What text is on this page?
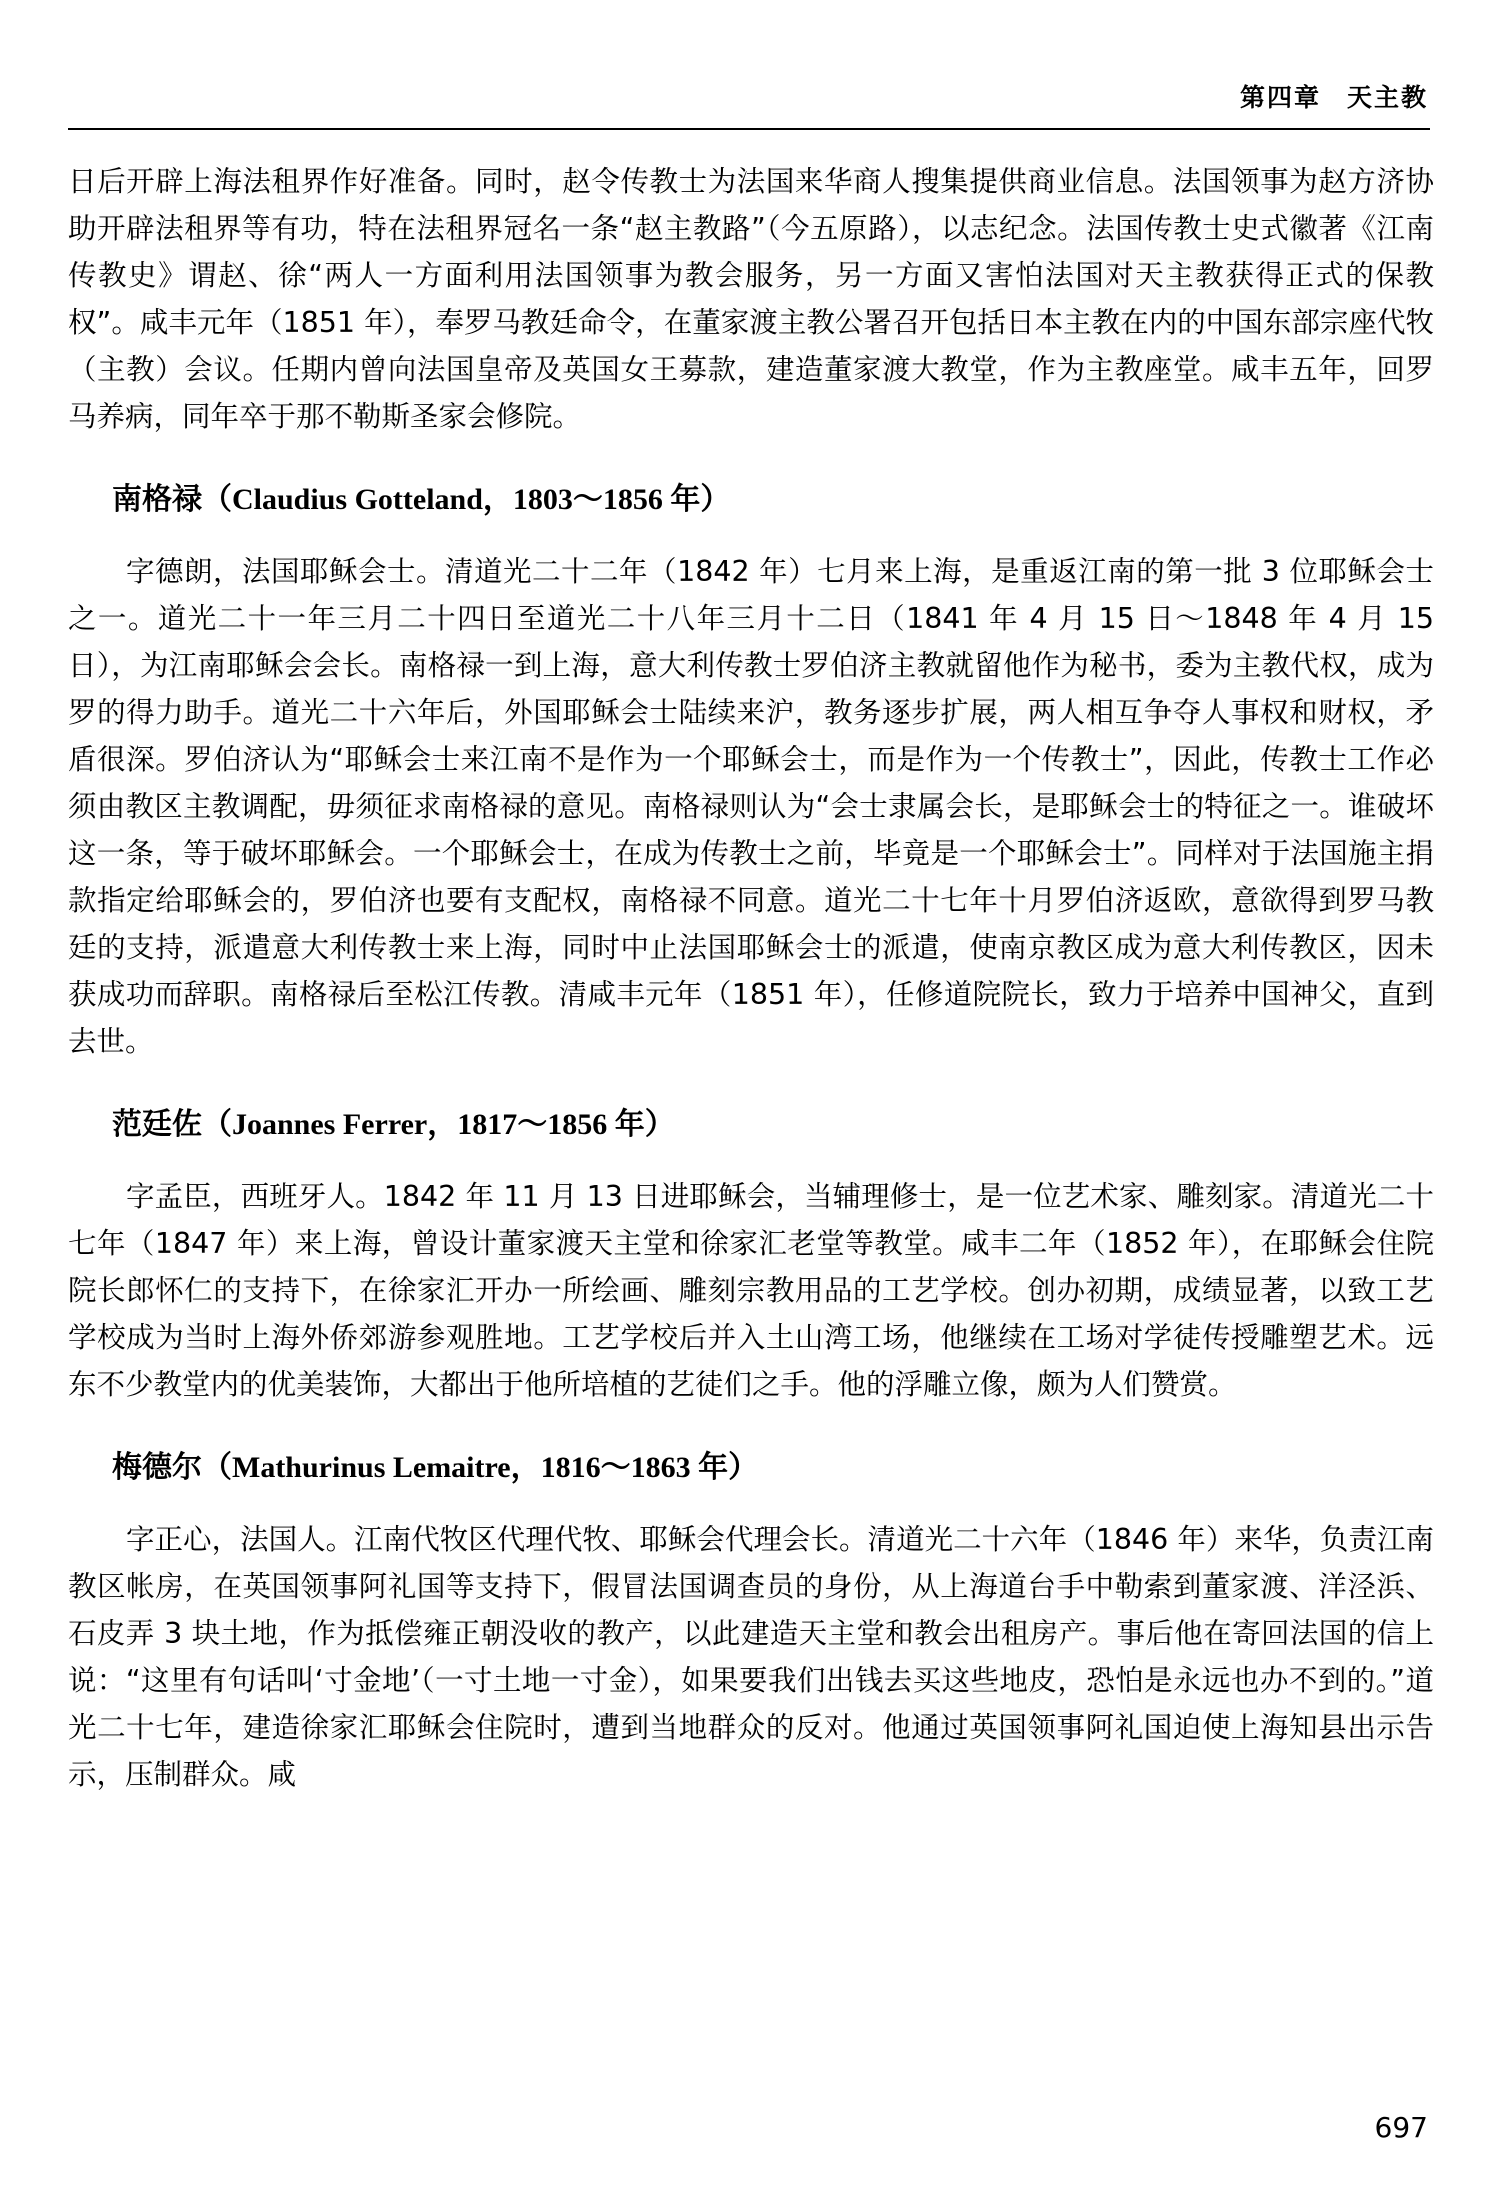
第四章 天主教

日后开辟上海法租界作好准备。同时，赵令传教士为法国来华商人搜集提供商业信息。法国领事为赵方济协助开辟法租界等有功，特在法租界冠名一条“赵主教路”（今五原路），以志纪念。法国传教士史式徽著《江南传教史》谓赵、徐“两人一方面利用法国领事为教会服务，另一方面又害怕法国对天主教获得正式的保教权”。咸丰元年（1851 年），奉罗马教廷命令，在董家渡主教公署召开包括日本主教在内的中国东部宗座代牧（主教）会议。任期内曾向法国皇帝及英国女王募款，建造董家渡大教堂，作为主教座堂。咸丰五年，回罗马养病，同年卒于那不勒斯圣家会修院。

南格禄（Claudius Gotteland，1803～1856 年）

字德朗，法国耶稣会士。清道光二十二年（1842 年）七月来上海，是重返江南的第一批 3 位耶稣会士之一。道光二十一年三月二十四日至道光二十八年三月十二日（1841 年 4 月 15 日～1848 年 4 月 15 日），为江南耶稣会会长。南格禄一到上海，意大利传教士罗伯济主教就留他作为秘书，委为主教代权，成为罗的得力助手。道光二十六年后，外国耶稣会士陆续来沪，教务逐步扩展，两人相互争夺人事权和财权，矛盾很深。罗伯济认为“耶稣会士来江南不是作为一个耶稣会士，而是作为一个传教士”，因此，传教士工作必须由教区主教调配，毋须征求南格禄的意见。南格禄则认为“会士隶属会长，是耶稣会士的特征之一。谁破坏这一条，等于破坏耶稣会。一个耶稣会士，在成为传教士之前，毕竟是一个耶稣会士”。同样对于法国施主捐款指定给耶稣会的，罗伯济也要有支配权，南格禄不同意。道光二十七年十月罗伯济返欧，意欲得到罗马教廷的支持，派遣意大利传教士来上海，同时中止法国耶稣会士的派遣，使南京教区成为意大利传教区，因未获成功而辞职。南格禄后至松江传教。清咸丰元年（1851 年），任修道院院长，致力于培养中国神父，直到去世。

范廷佐（Joannes Ferrer，1817～1856 年）

字孟臣，西班牙人。1842 年 11 月 13 日进耶稣会，当辅理修士，是一位艺术家、雕刻家。清道光二十七年（1847 年）来上海，曾设计董家渡天主堂和徐家汇老堂等教堂。咸丰二年（1852 年），在耶稣会住院院长郎怀仁的支持下，在徐家汇开办一所绘画、雕刻宗教用品的工艺学校。创办初期，成绩显著，以致工艺学校成为当时上海外侨郊游参观胜地。工艺学校后并入土山湾工场，他继续在工场对学徒传授雕塑艺术。远东不少教堂内的优美装饰，大都出于他所培植的艺徒们之手。他的浮雕立像，颇为人们赞赏。

梅德尔（Mathurinus Lemaitre，1816～1863 年）

字正心，法国人。江南代牧区代理代牧、耶稣会代理会长。清道光二十六年（1846 年）来华，负责江南教区帐房，在英国领事阿礼国等支持下，假冒法国调查员的身份，从上海道台手中勒索到董家渡、洋泾浜、石皮弄 3 块土地，作为抵偿雍正朝没收的教产，以此建造天主堂和教会出租房产。事后他在寄回法国的信上说：“这里有句话叫‘寸金地’（一寸土地一寸金），如果要我们出钱去买这些地皮，恐怕是永远也办不到的。”道光二十七年，建造徐家汇耶稣会住院时，遭到当地群众的反对。他通过英国领事阿礼国迫使上海知县出示告示，压制群众。咸

697
